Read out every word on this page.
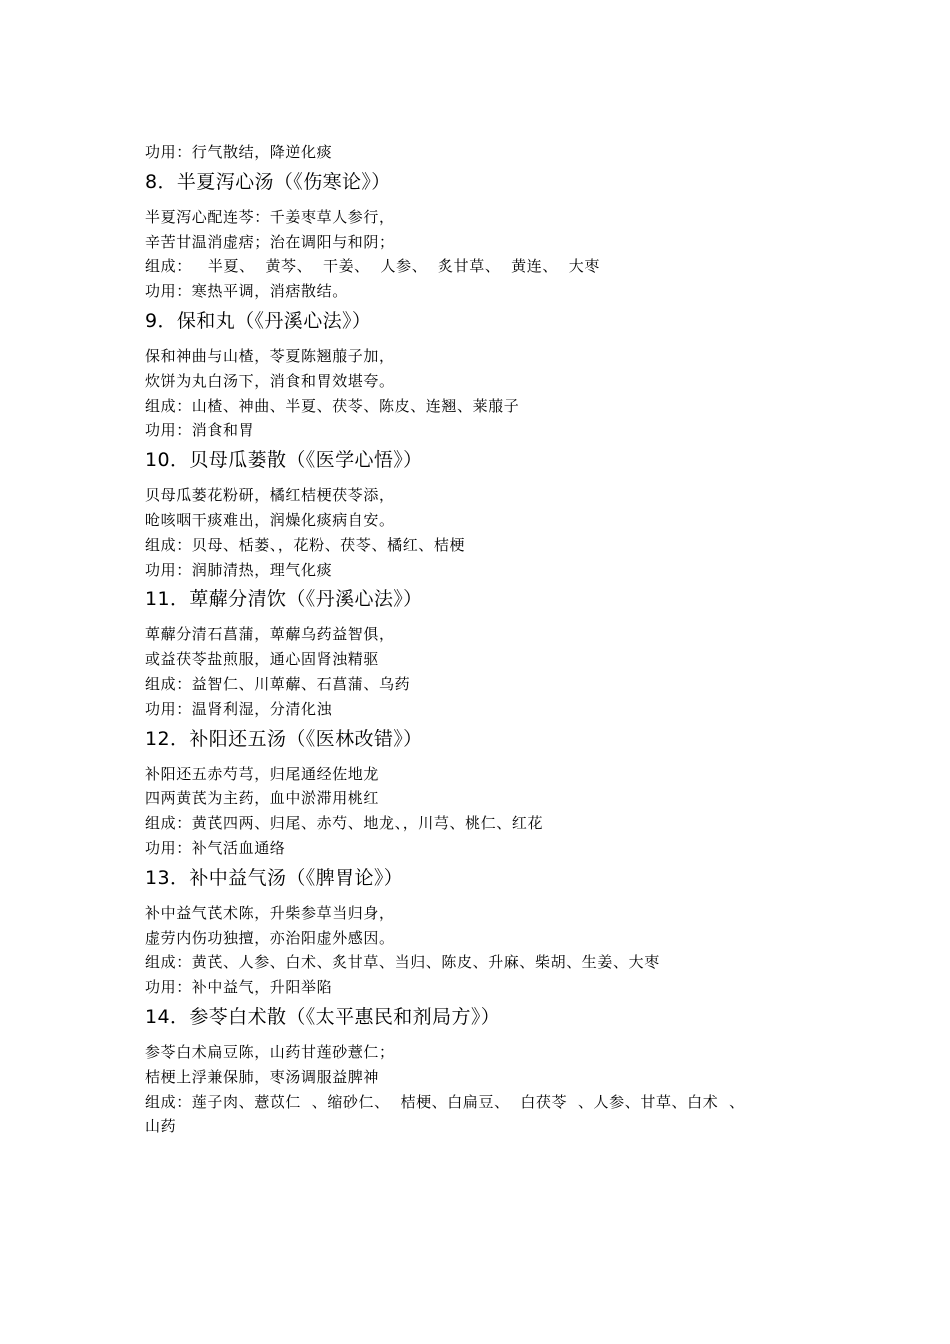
功用：行气散结，降逆化痰
8．半夏泻心汤（《伤寒论》）
半夏泻心配连芩：千姜枣草人参行，
辛苦甘温消虚痞；治在调阳与和阴；
组成：   半夏、  黄芩、  干姜、  人参、  炙甘草、  黄连、  大枣
功用：寒热平调，消痞散结。
9．保和丸（《丹溪心法》）
保和神曲与山楂，苓夏陈翘菔子加，
炊饼为丸白汤下，消食和胃效堪夸。
组成：山楂、神曲、半夏、茯苓、陈皮、连翘、莱菔子
功用：消食和胃
10．贝母瓜蒌散（《医学心悟》）
贝母瓜蒌花粉研，橘红桔梗茯苓添，
呛咳咽干痰难出，润燥化痰病自安。
组成：贝母、栝蒌、，花粉、茯苓、橘红、桔梗
功用：润肺清热，理气化痰
11．萆薢分清饮（《丹溪心法》）
萆薢分清石菖蒲，萆薢乌药益智俱，
或益茯苓盐煎服，通心固肾浊精驱
组成：益智仁、川萆薢、石菖蒲、乌药
功用：温肾利湿，分清化浊
12．补阳还五汤（《医林改错》）
补阳还五赤芍芎，归尾通经佐地龙
四两黄芪为主药，血中淤滞用桃红
组成：黄芪四两、归尾、赤芍、地龙、，川芎、桃仁、红花
功用：补气活血通络
13．补中益气汤（《脾胃论》）
补中益气芪术陈，升柴参草当归身，
虚劳内伤功独擅，亦治阳虚外感因。
组成：黄芪、人参、白术、炙甘草、当归、陈皮、升麻、柴胡、生姜、大枣
功用：补中益气，升阳举陷
14．参苓白术散（《太平惠民和剂局方》）
参苓白术扁豆陈，山药甘莲砂薏仁；
桔梗上浮兼保肺，枣汤调服益脾神
组成：莲子肉、薏苡仁  、缩砂仁、  桔梗、白扁豆、  白茯苓  、人参、甘草、白术  、
山药
